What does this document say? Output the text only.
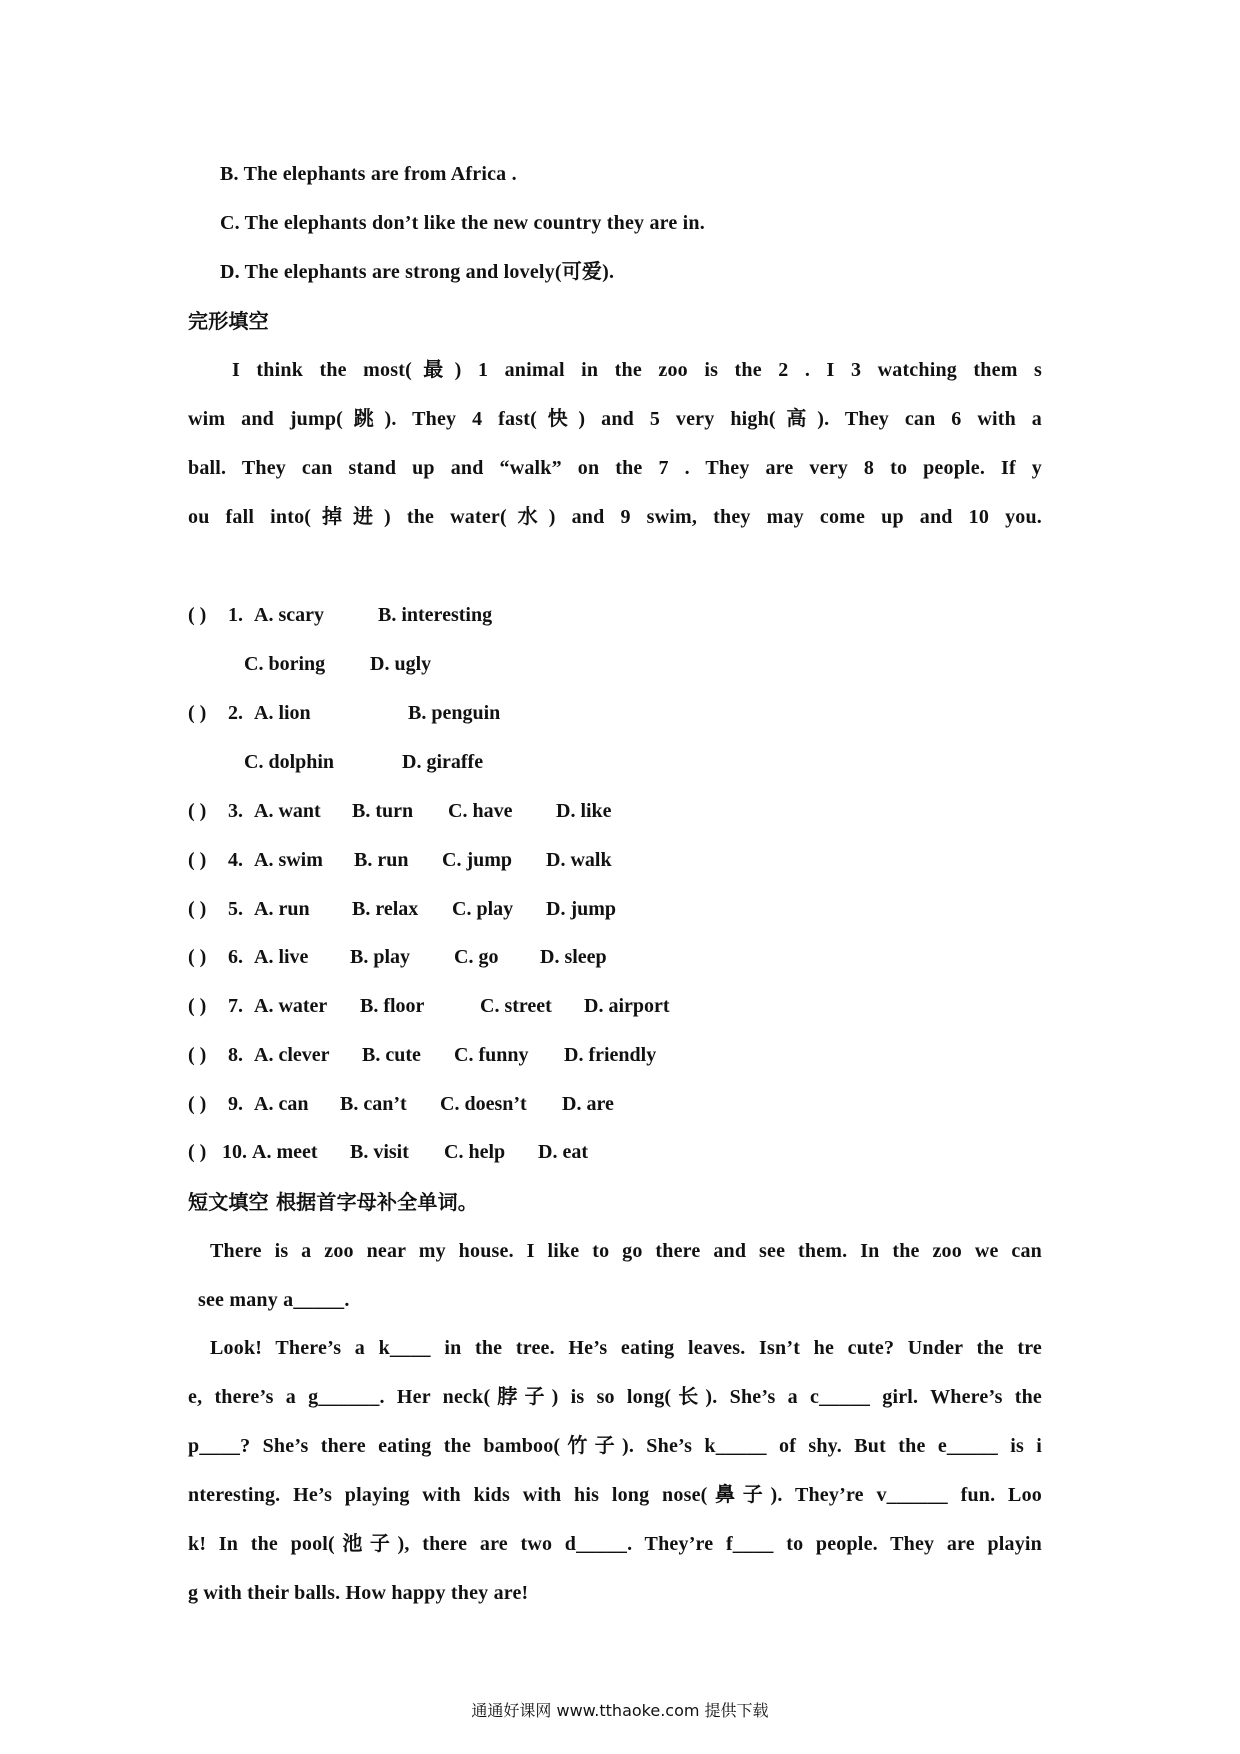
B. The elephants are from Africa .
C. The elephants don’t like the new country they are in.
D. The elephants are strong and lovely(可爱).
完形填空
I think the most(最) 1 animal in the zoo is the 2 . I 3 watching them s
wim and jump(跳). They 4 fast(快) and 5 very high(高). They can 6 with a
ball. They can stand up and “walk” on the 7 . They are very 8 to people. If y
ou fall into(掉进) the water(水) and 9 swim, they may come up and 10 you.
( ) 1. A. scary	B. interesting
C. boring D. ugly
( ) 2. A. lion	B. penguin
C. dolphin	D. giraffe
( ) 3. A. want B. turn C. have D. like
( ) 4. A. swim B. run C. jump D. walk
( ) 5. A. run B. relax C. play D. jump
( ) 6. A. live B. play C. go D. sleep
( ) 7. A. water B. floor	C. street D. airport
( ) 8. A. clever B. cute C. funny D. friendly
( ) 9. A. can B. can’t C. doesn’t D. are
( ) 10. A. meet B. visit C. help D. eat
短文填空 根据首字母补全单词。
There is a zoo near my house. I like to go there and see them. In the zoo we can
see many a_____.
Look! There’s a k____ in the tree. He’s eating leaves. Isn’t he cute? Under the tre
e, there’s a g______. Her neck(脖子) is so long(长). She’s a c_____ girl. Where’s the
p____? She’s there eating the bamboo(竹子). She’s k_____ of shy. But the e_____ is i
nteresting. He’s playing with kids with his long nose(鼻子). They’re v______ fun. Loo
k! In the pool(池子), there are two d_____. They’re f____ to people. They are playin
g with their balls. How happy they are!
通通好课网 www.tthaoke.com 提供下载
